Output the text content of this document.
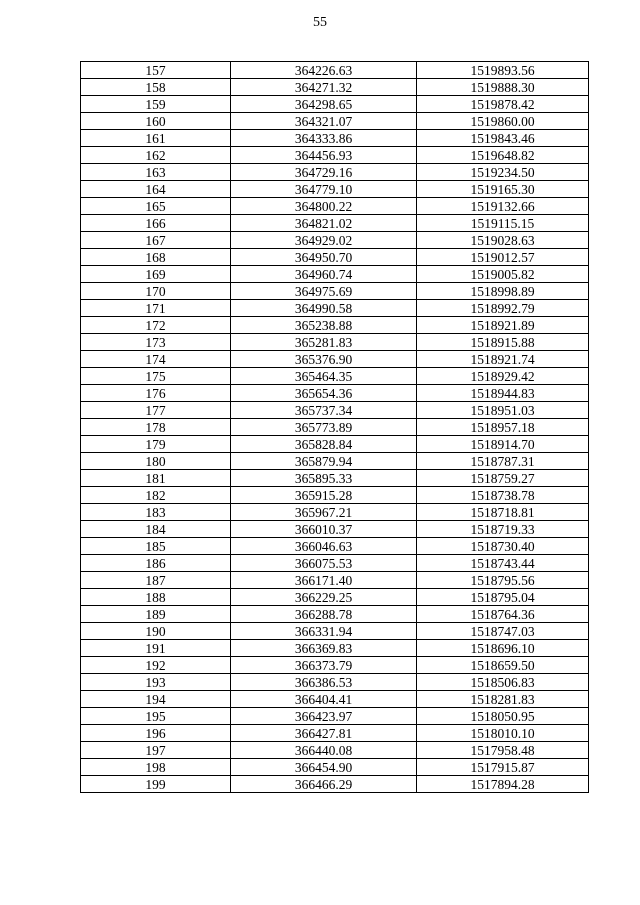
55
157	364226.63	1519893.56
158	364271.32	1519888.30
159	364298.65	1519878.42
160	364321.07	1519860.00
161	364333.86	1519843.46
162	364456.93	1519648.82
163	364729.16	1519234.50
164	364779.10	1519165.30
165	364800.22	1519132.66
166	364821.02	1519115.15
167	364929.02	1519028.63
168	364950.70	1519012.57
169	364960.74	1519005.82
170	364975.69	1518998.89
171	364990.58	1518992.79
172	365238.88	1518921.89
173	365281.83	1518915.88
174	365376.90	1518921.74
175	365464.35	1518929.42
176	365654.36	1518944.83
177	365737.34	1518951.03
178	365773.89	1518957.18
179	365828.84	1518914.70
180	365879.94	1518787.31
181	365895.33	1518759.27
182	365915.28	1518738.78
183	365967.21	1518718.81
184	366010.37	1518719.33
185	366046.63	1518730.40
186	366075.53	1518743.44
187	366171.40	1518795.56
188	366229.25	1518795.04
189	366288.78	1518764.36
190	366331.94	1518747.03
191	366369.83	1518696.10
192	366373.79	1518659.50
193	366386.53	1518506.83
194	366404.41	1518281.83
195	366423.97	1518050.95
196	366427.81	1518010.10
197	366440.08	1517958.48
198	366454.90	1517915.87
199	366466.29	1517894.28
